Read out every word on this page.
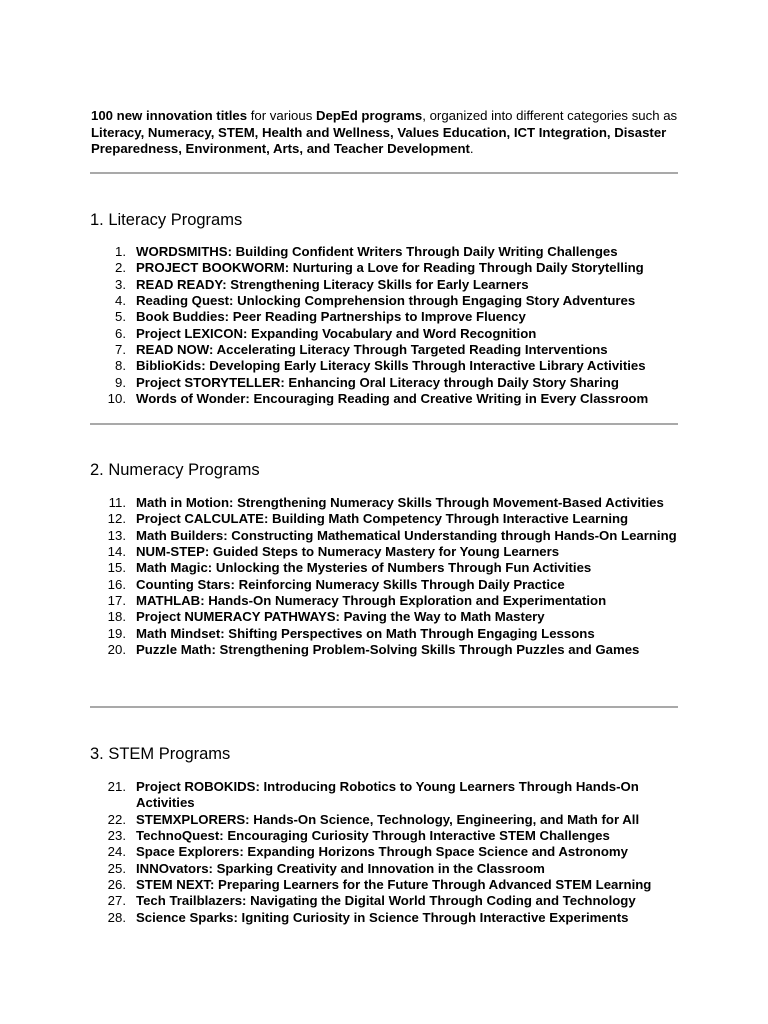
100 new innovation titles for various DepEd programs, organized into different categories such as Literacy, Numeracy, STEM, Health and Wellness, Values Education, ICT Integration, Disaster Preparedness, Environment, Arts, and Teacher Development.

1. Literacy Programs
1. WORDSMITHS: Building Confident Writers Through Daily Writing Challenges
2. PROJECT BOOKWORM: Nurturing a Love for Reading Through Daily Storytelling
3. READ READY: Strengthening Literacy Skills for Early Learners
4. Reading Quest: Unlocking Comprehension through Engaging Story Adventures
5. Book Buddies: Peer Reading Partnerships to Improve Fluency
6. Project LEXICON: Expanding Vocabulary and Word Recognition
7. READ NOW: Accelerating Literacy Through Targeted Reading Interventions
8. BiblioKids: Developing Early Literacy Skills Through Interactive Library Activities
9. Project STORYTELLER: Enhancing Oral Literacy through Daily Story Sharing
10. Words of Wonder: Encouraging Reading and Creative Writing in Every Classroom
2. Numeracy Programs
11. Math in Motion: Strengthening Numeracy Skills Through Movement-Based Activities
12. Project CALCULATE: Building Math Competency Through Interactive Learning
13. Math Builders: Constructing Mathematical Understanding through Hands-On Learning
14. NUM-STEP: Guided Steps to Numeracy Mastery for Young Learners
15. Math Magic: Unlocking the Mysteries of Numbers Through Fun Activities
16. Counting Stars: Reinforcing Numeracy Skills Through Daily Practice
17. MATHLAB: Hands-On Numeracy Through Exploration and Experimentation
18. Project NUMERACY PATHWAYS: Paving the Way to Math Mastery
19. Math Mindset: Shifting Perspectives on Math Through Engaging Lessons
20. Puzzle Math: Strengthening Problem-Solving Skills Through Puzzles and Games
3. STEM Programs
21. Project ROBOKIDS: Introducing Robotics to Young Learners Through Hands-On Activities
22. STEMXPLORERS: Hands-On Science, Technology, Engineering, and Math for All
23. TechnoQuest: Encouraging Curiosity Through Interactive STEM Challenges
24. Space Explorers: Expanding Horizons Through Space Science and Astronomy
25. INNOvators: Sparking Creativity and Innovation in the Classroom
26. STEM NEXT: Preparing Learners for the Future Through Advanced STEM Learning
27. Tech Trailblazers: Navigating the Digital World Through Coding and Technology
28. Science Sparks: Igniting Curiosity in Science Through Interactive Experiments
